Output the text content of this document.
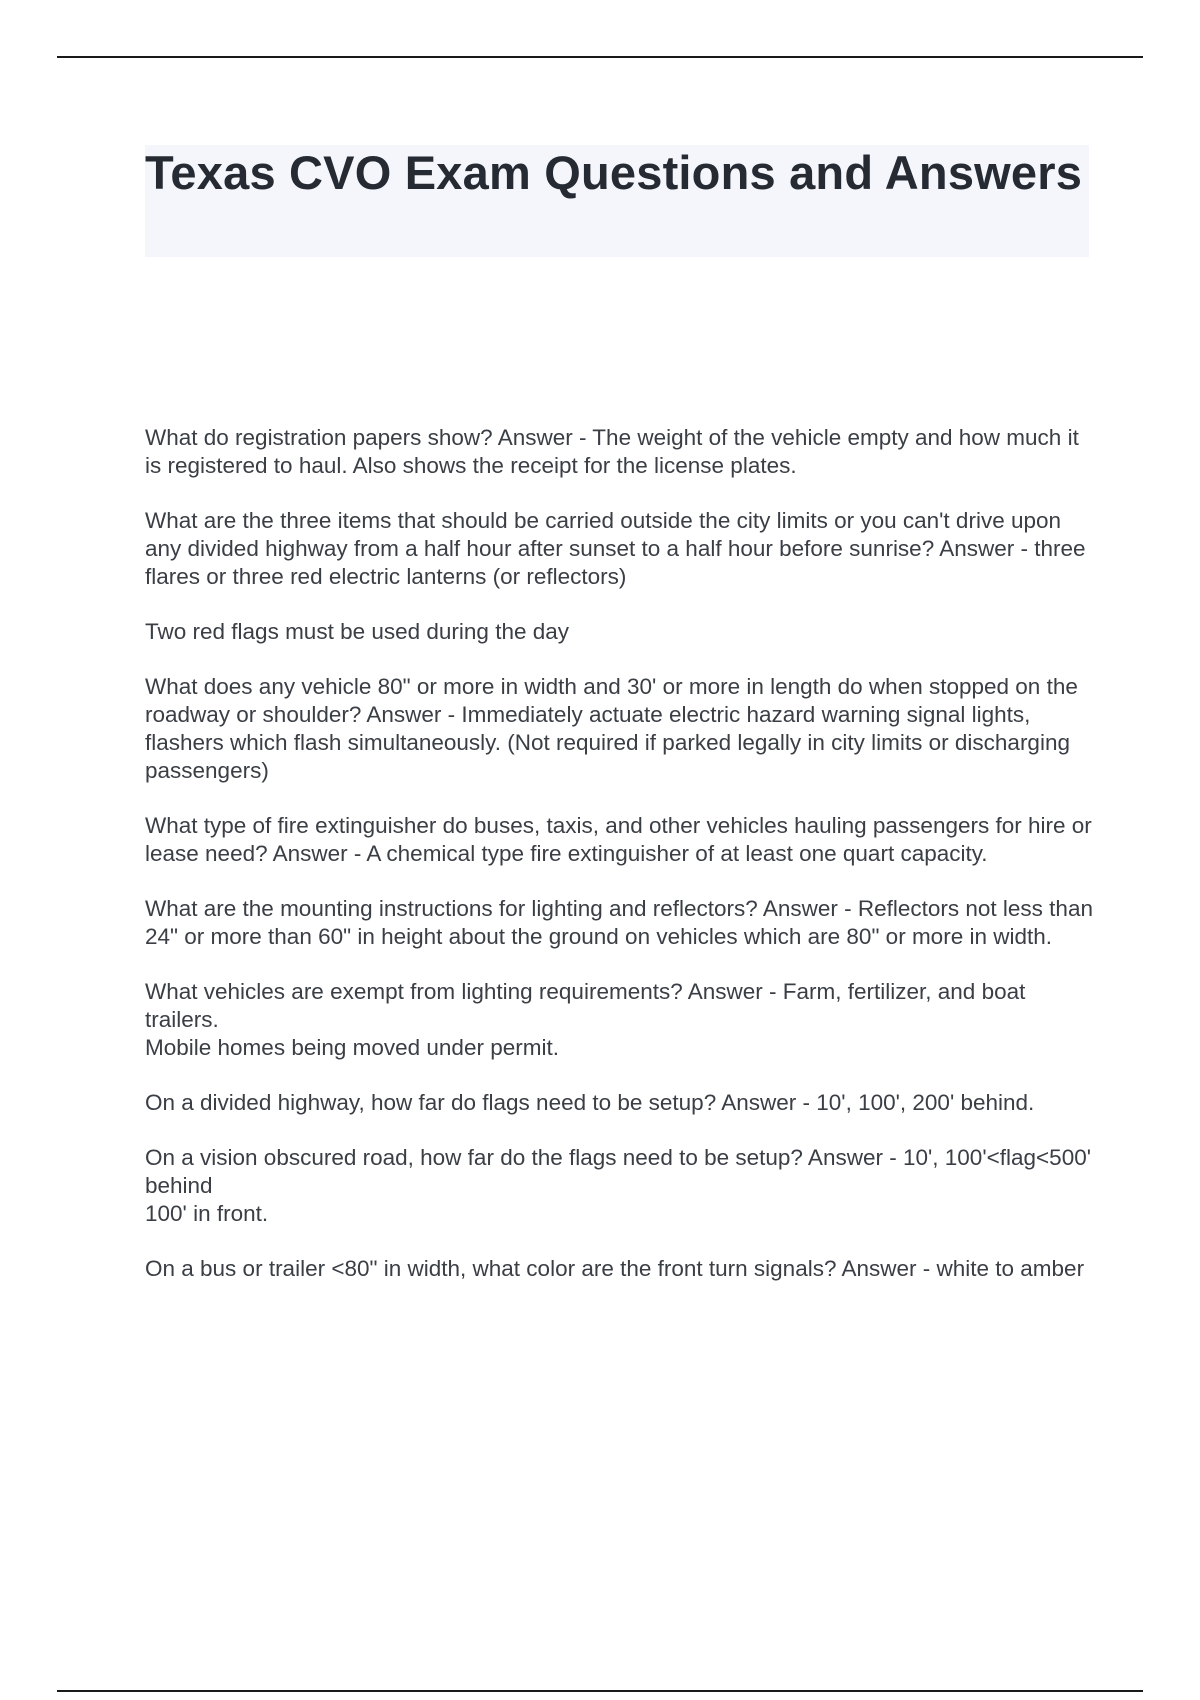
Texas CVO Exam Questions and Answers

What do registration papers show? Answer - The weight of the vehicle empty and how much it is registered to haul. Also shows the receipt for the license plates.

What are the three items that should be carried outside the city limits or you can't drive upon any divided highway from a half hour after sunset to a half hour before sunrise? Answer - three flares or three red electric lanterns (or reflectors)

Two red flags must be used during the day

What does any vehicle 80" or more in width and 30' or more in length do when stopped on the roadway or shoulder? Answer - Immediately actuate electric hazard warning signal lights, flashers which flash simultaneously. (Not required if parked legally in city limits or discharging passengers)

What type of fire extinguisher do buses, taxis, and other vehicles hauling passengers for hire or lease need? Answer - A chemical type fire extinguisher of at least one quart capacity.

What are the mounting instructions for lighting and reflectors? Answer - Reflectors not less than 24" or more than 60" in height about the ground on vehicles which are 80" or more in width.

What vehicles are exempt from lighting requirements? Answer - Farm, fertilizer, and boat trailers.
Mobile homes being moved under permit.

On a divided highway, how far do flags need to be setup? Answer - 10', 100', 200' behind.

On a vision obscured road, how far do the flags need to be setup? Answer - 10', 100'<flag<500' behind
100' in front.

On a bus or trailer <80" in width, what color are the front turn signals? Answer - white to amber
